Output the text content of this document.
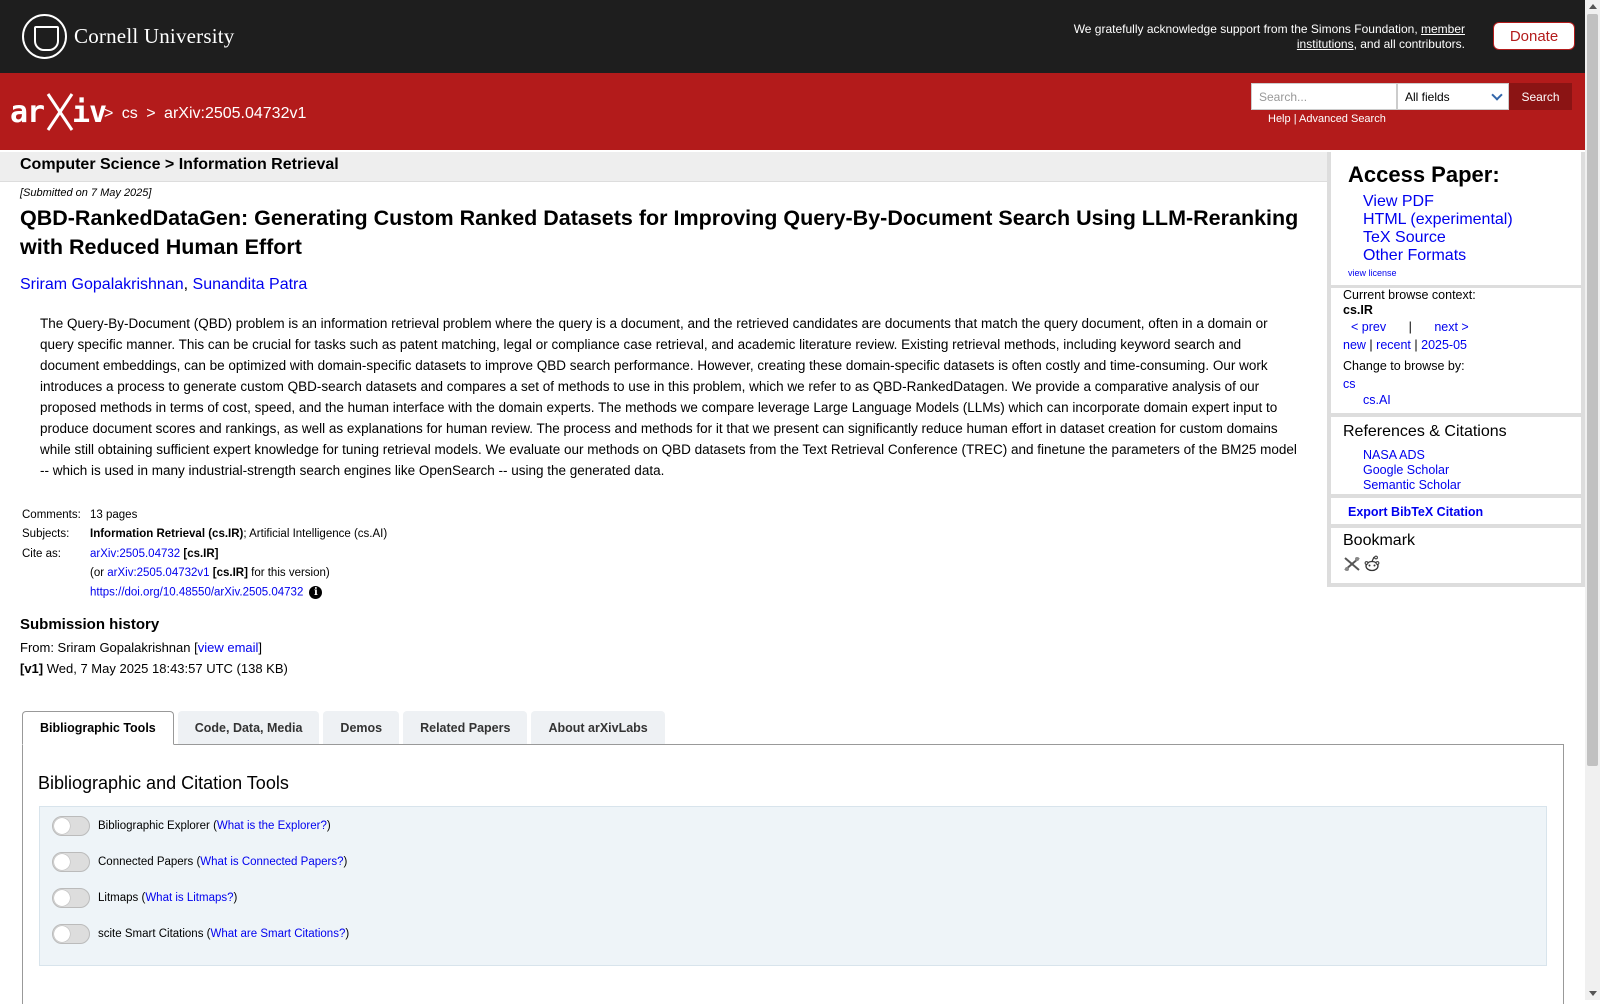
Cornell University	We gratefully acknowledge support from the Simons Foundation, member institutions, and all contributors.	Donate
ar iv
> cs > arXiv:2505.04732v1
Search...	All fields	Search
Help | Advanced Search
Computer Science > Information Retrieval
[Submitted on 7 May 2025]
QBD-RankedDataGen: Generating Custom Ranked Datasets for Improving Query-By-Document Search Using LLM-Reranking with Reduced Human Effort
Sriram Gopalakrishnan, Sunandita Patra
The Query-By-Document (QBD) problem is an information retrieval problem where the query is a document, and the retrieved candidates are documents that match the query document, often in a domain or query specific manner. This can be crucial for tasks such as patent matching, legal or compliance case retrieval, and academic literature review. Existing retrieval methods, including keyword search and document embeddings, can be optimized with domain-specific datasets to improve QBD search performance. However, creating these domain-specific datasets is often costly and time-consuming. Our work introduces a process to generate custom QBD-search datasets and compares a set of methods to use in this problem, which we refer to as QBD-RankedDatagen. We provide a comparative analysis of our proposed methods in terms of cost, speed, and the human interface with the domain experts. The methods we compare leverage Large Language Models (LLMs) which can incorporate domain expert input to produce document scores and rankings, as well as explanations for human review. The process and methods for it that we present can significantly reduce human effort in dataset creation for custom domains while still obtaining sufficient expert knowledge for tuning retrieval models. We evaluate our methods on QBD datasets from the Text Retrieval Conference (TREC) and finetune the parameters of the BM25 model -- which is used in many industrial-strength search engines like OpenSearch -- using the generated data.
Comments: 13 pages
Subjects:	Information Retrieval (cs.IR); Artificial Intelligence (cs.AI)
Cite as:	arXiv:2505.04732 [cs.IR]
(or arXiv:2505.04732v1 [cs.IR] for this version)
https://doi.org/10.48550/arXiv.2505.04732 i
Submission history
From: Sriram Gopalakrishnan [view email]
[v1] Wed, 7 May 2025 18:43:57 UTC (138 KB)
Bibliographic Tools	Code, Data, Media	Demos	Related Papers	About arXivLabs
Bibliographic and Citation Tools
Bibliographic Explorer ( What is the Explorer? )
Connected Papers ( What is Connected Papers? )
Litmaps ( What is Litmaps? )
scite Smart Citations ( What are Smart Citations? )
Access Paper:
View PDF
HTML (experimental)
TeX Source
Other Formats
view license
Current browse context:
cs.IR
< prev | next >
new | recent | 2025-05
Change to browse by:
cs
cs.AI
References & Citations
NASA ADS
Google Scholar
Semantic Scholar
Export BibTeX Citation
Bookmark
